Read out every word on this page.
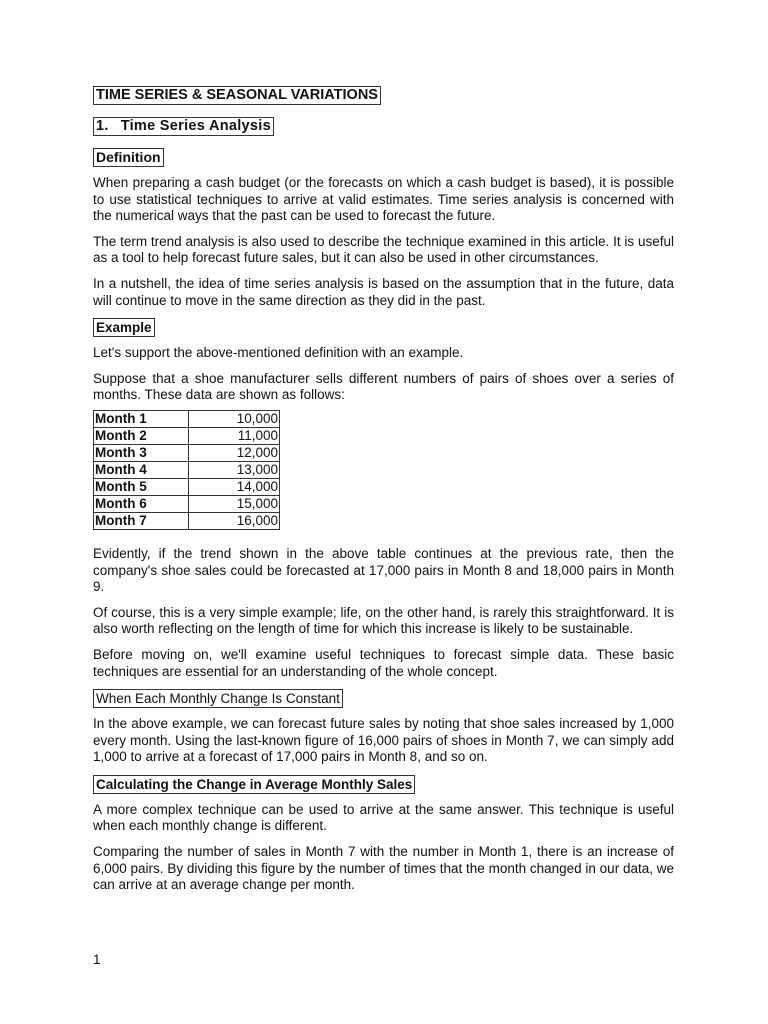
TIME SERIES & SEASONAL VARIATIONS
1. Time Series Analysis
Definition

When preparing a cash budget (or the forecasts on which a cash budget is based), it is possible to use statistical techniques to arrive at valid estimates. Time series analysis is concerned with the numerical ways that the past can be used to forecast the future.

The term trend analysis is also used to describe the technique examined in this article. It is useful as a tool to help forecast future sales, but it can also be used in other circumstances.

In a nutshell, the idea of time series analysis is based on the assumption that in the future, data will continue to move in the same direction as they did in the past.

Example

Let's support the above-mentioned definition with an example.

Suppose that a shoe manufacturer sells different numbers of pairs of shoes over a series of months. These data are shown as follows:

Month 1		10,000
Month 2		11,000
Month 3		12,000
Month 4		13,000
Month 5		14,000
Month 6		15,000
Month 7		16,000

Evidently, if the trend shown in the above table continues at the previous rate, then the company's shoe sales could be forecasted at 17,000 pairs in Month 8 and 18,000 pairs in Month 9.

Of course, this is a very simple example; life, on the other hand, is rarely this straightforward. It is also worth reflecting on the length of time for which this increase is likely to be sustainable.

Before moving on, we'll examine useful techniques to forecast simple data. These basic techniques are essential for an understanding of the whole concept.

When Each Monthly Change Is Constant

In the above example, we can forecast future sales by noting that shoe sales increased by 1,000 every month. Using the last-known figure of 16,000 pairs of shoes in Month 7, we can simply add 1,000 to arrive at a forecast of 17,000 pairs in Month 8, and so on.

Calculating the Change in Average Monthly Sales

A more complex technique can be used to arrive at the same answer. This technique is useful when each monthly change is different.

Comparing the number of sales in Month 7 with the number in Month 1, there is an increase of 6,000 pairs. By dividing this figure by the number of times that the month changed in our data, we can arrive at an average change per month.

1
